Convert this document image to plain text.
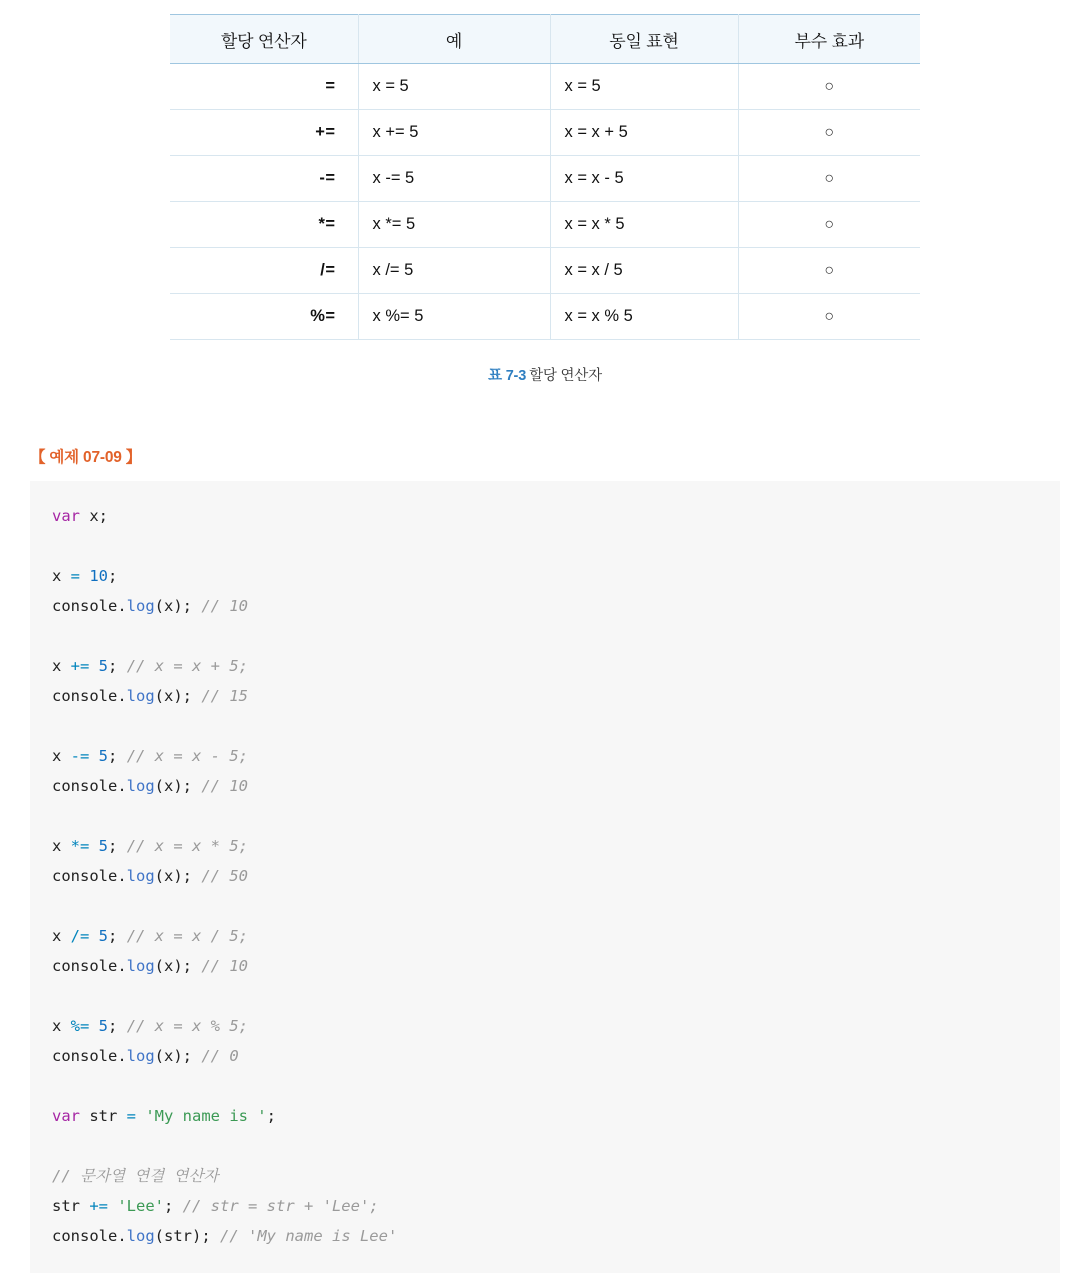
할당 연산자	예	동일 표현	부수 효과
=	x = 5	x = 5	○
+=	x += 5	x = x + 5	○
-=	x -= 5	x = x - 5	○
*=	x *= 5	x = x * 5	○
/=	x /= 5	x = x / 5	○
%=	x %= 5	x = x % 5	○
표 7-3 할당 연산자
【 예제 07-09 】
var x;

x = 10;
console.log(x); // 10

x += 5; // x = x + 5;
console.log(x); // 15

x -= 5; // x = x - 5;
console.log(x); // 10

x *= 5; // x = x * 5;
console.log(x); // 50

x /= 5; // x = x / 5;
console.log(x); // 10

x %= 5; // x = x % 5;
console.log(x); // 0

var str = 'My name is ';

// 문자열 연결 연산자
str += 'Lee'; // str = str + 'Lee';
console.log(str); // 'My name is Lee'
